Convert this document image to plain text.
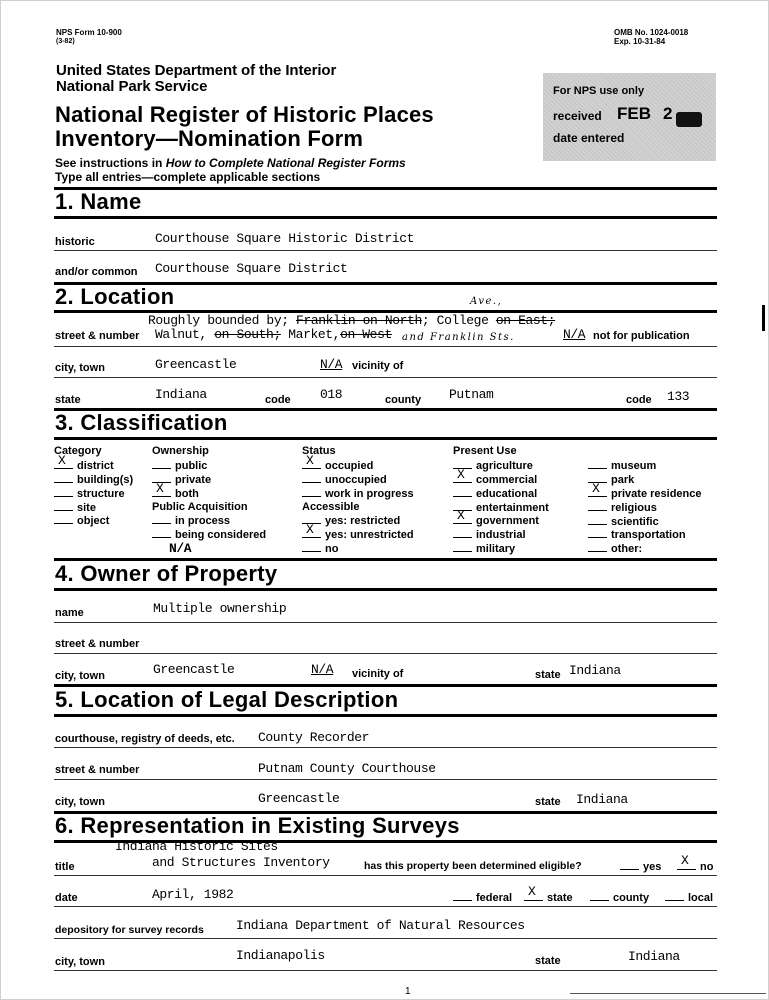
NPS Form 10-900
(3-82)
OMB No. 1024-0018
Exp. 10-31-84
United States Department of the Interior
National Park Service
National Register of Historic Places
Inventory—Nomination Form
See instructions in How to Complete National Register Forms
Type all entries—complete applicable sections
For NPS use only
received FEB 2
date entered
1. Name
historic	Courthouse Square Historic District
and/or common Courthouse Square District
2. Location
Roughly bounded by; Franklin on North; College on East;
Ave.,
street & number Walnut, on South; Market,on West and Franklin Sts.	N/A not for publication
city, town	Greencastle	N/A vicinity of
state	Indiana	code 018	county Putnam	code 133
3. Classification
Category
X district
building(s)
structure
site
object
Ownership
public
private
X both
Public Acquisition
in process
being considered
N/A
Status
X occupied
unoccupied
work in progress
Accessible
yes: restricted
X yes: unrestricted
no
Present Use
agriculture
X commercial
educational
entertainment
X government
industrial
military
museum
park
X private residence
religious
scientific
transportation
other:
4. Owner of Property
name	Multiple ownership
street & number
city, town	Greencastle	N/A vicinity of	state Indiana
5. Location of Legal Description
courthouse, registry of deeds, etc. County Recorder
street & number	Putnam County Courthouse
city, town	Greencastle	state Indiana
6. Representation in Existing Surveys
Indiana Historic Sites
title	and Structures Inventory	has this property been determined eligible?	yes X no
date	April, 1982	federal X state	county	local
depository for survey records Indiana Department of Natural Resources
city, town	Indianapolis	state	Indiana
1
